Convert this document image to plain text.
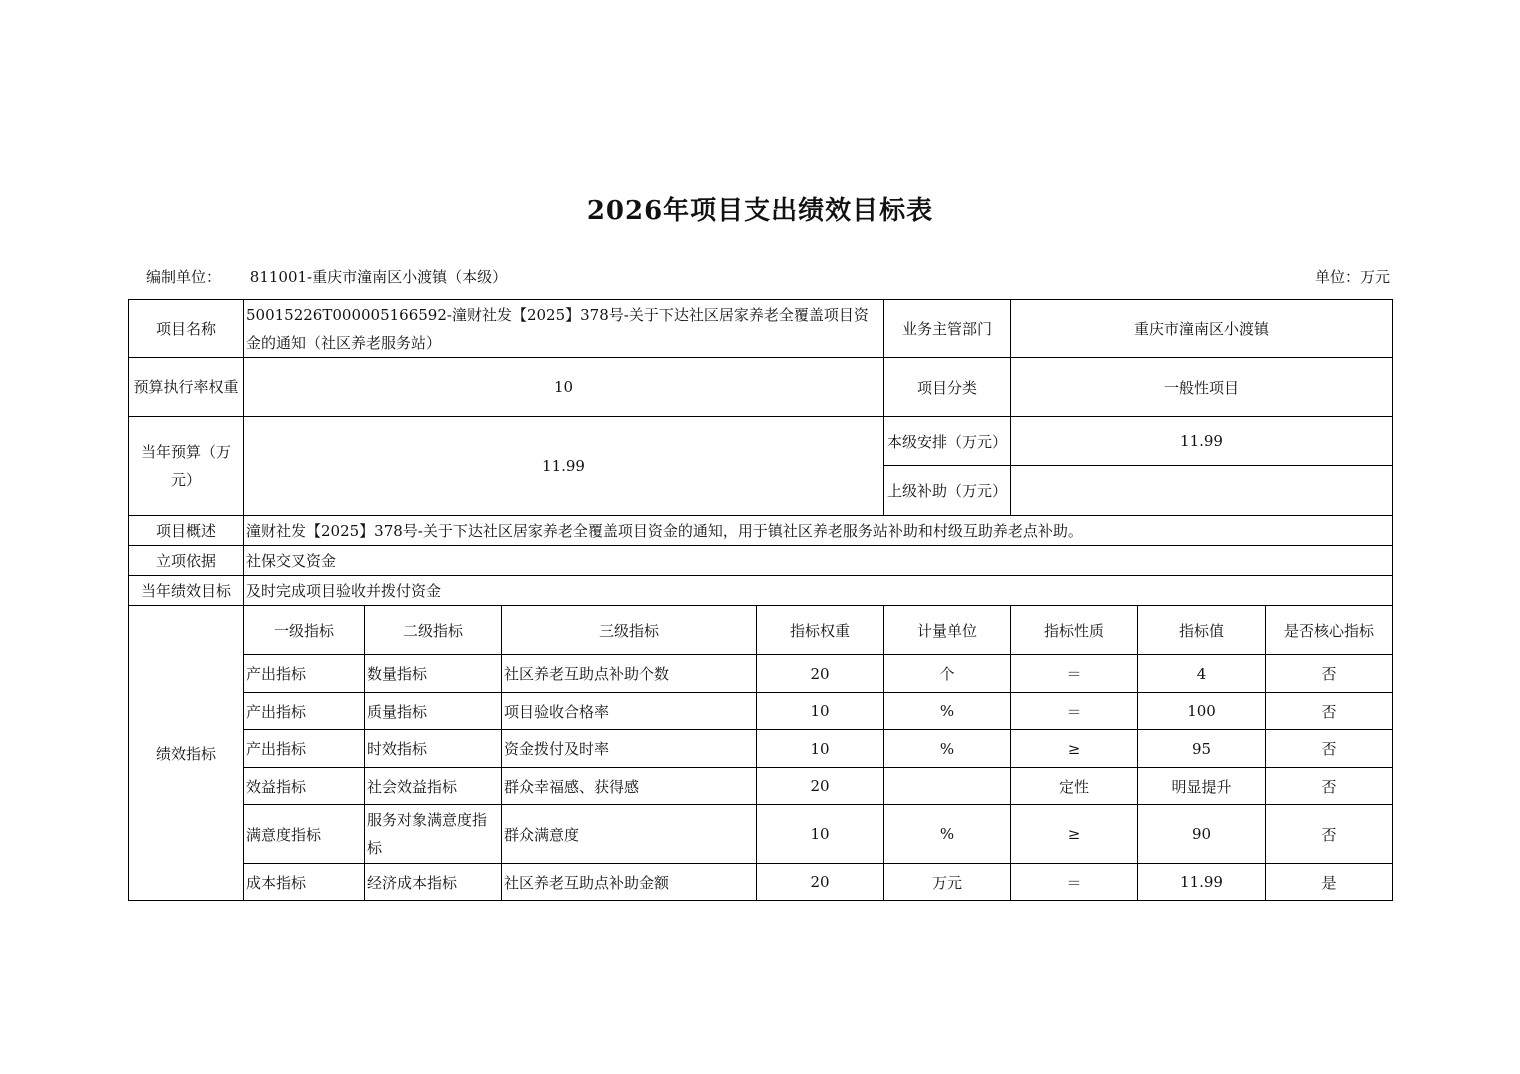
2026年项目支出绩效目标表
编制单位： 811001-重庆市潼南区小渡镇（本级）	单位：万元
项目名称	50015226T000005166592-潼财社发【2025】378号-关于下达社区居家养老全覆盖项目资金的通知（社区养老服务站）				业务主管部门	重庆市潼南区小渡镇		
预算执行率权重	10				项目分类	一般性项目		
当年预算（万元）	11.99				本级安排（万元）	11.99		
					上级补助（万元）			
项目概述	潼财社发【2025】378号-关于下达社区居家养老全覆盖项目资金的通知，用于镇社区养老服务站补助和村级互助养老点补助。							
立项依据	社保交叉资金							
当年绩效目标	及时完成项目验收并拨付资金							
绩效指标	一级指标	二级指标	三级指标	指标权重	计量单位	指标性质	指标值	是否核心指标
	产出指标	数量指标	社区养老互助点补助个数	20	个	＝	4	否
	产出指标	质量指标	项目验收合格率	10	%	＝	100	否
	产出指标	时效指标	资金拨付及时率	10	%	≥	95	否
	效益指标	社会效益指标	群众幸福感、获得感	20		定性	明显提升	否
	满意度指标	服务对象满意度指标	群众满意度	10	%	≥	90	否
	成本指标	经济成本指标	社区养老互助点补助金额	20	万元	＝	11.99	是
